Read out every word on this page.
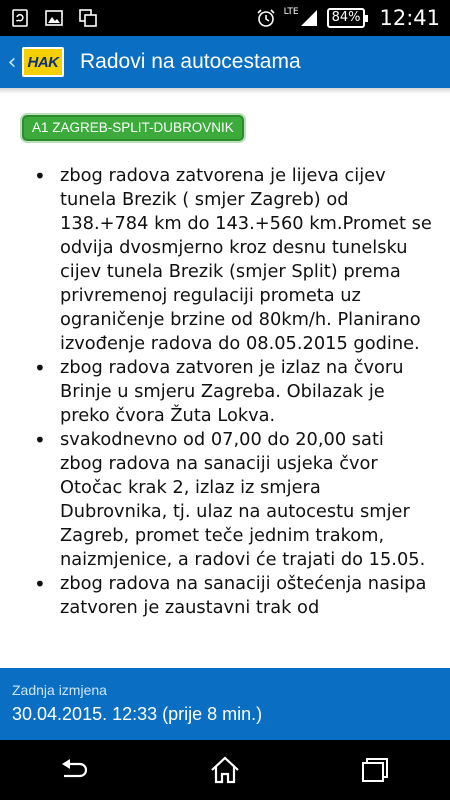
LTE	84% 12:41
‹ HAK Radovi na autocestama
A1 ZAGREB-SPLIT-DUBROVNIK
• zbog radova zatvorena je lijeva cijev tunela Brezik ( smjer Zagreb) od 138.+784 km do 143.+560 km.Promet se odvija dvosmjerno kroz desnu tunelsku cijev tunela Brezik (smjer Split) prema privremenoj regulaciji prometa uz ograničenje brzine od 80km/h. Planirano izvođenje radova do 08.05.2015 godine.
• zbog radova zatvoren je izlaz na čvoru Brinje u smjeru Zagreba. Obilazak je preko čvora Žuta Lokva.
• svakodnevno od 07,00 do 20,00 sati zbog radova na sanaciji usjeka čvor Otočac krak 2, izlaz iz smjera Dubrovnika, tj. ulaz na autocestu smjer Zagreb, promet teče jednim trakom, naizmjenice, a radovi će trajati do 15.05.
• zbog radova na sanaciji oštećenja nasipa zatvoren je zaustavni trak od
Zadnja izmjena
30.04.2015. 12:33 (prije 8 min.)
